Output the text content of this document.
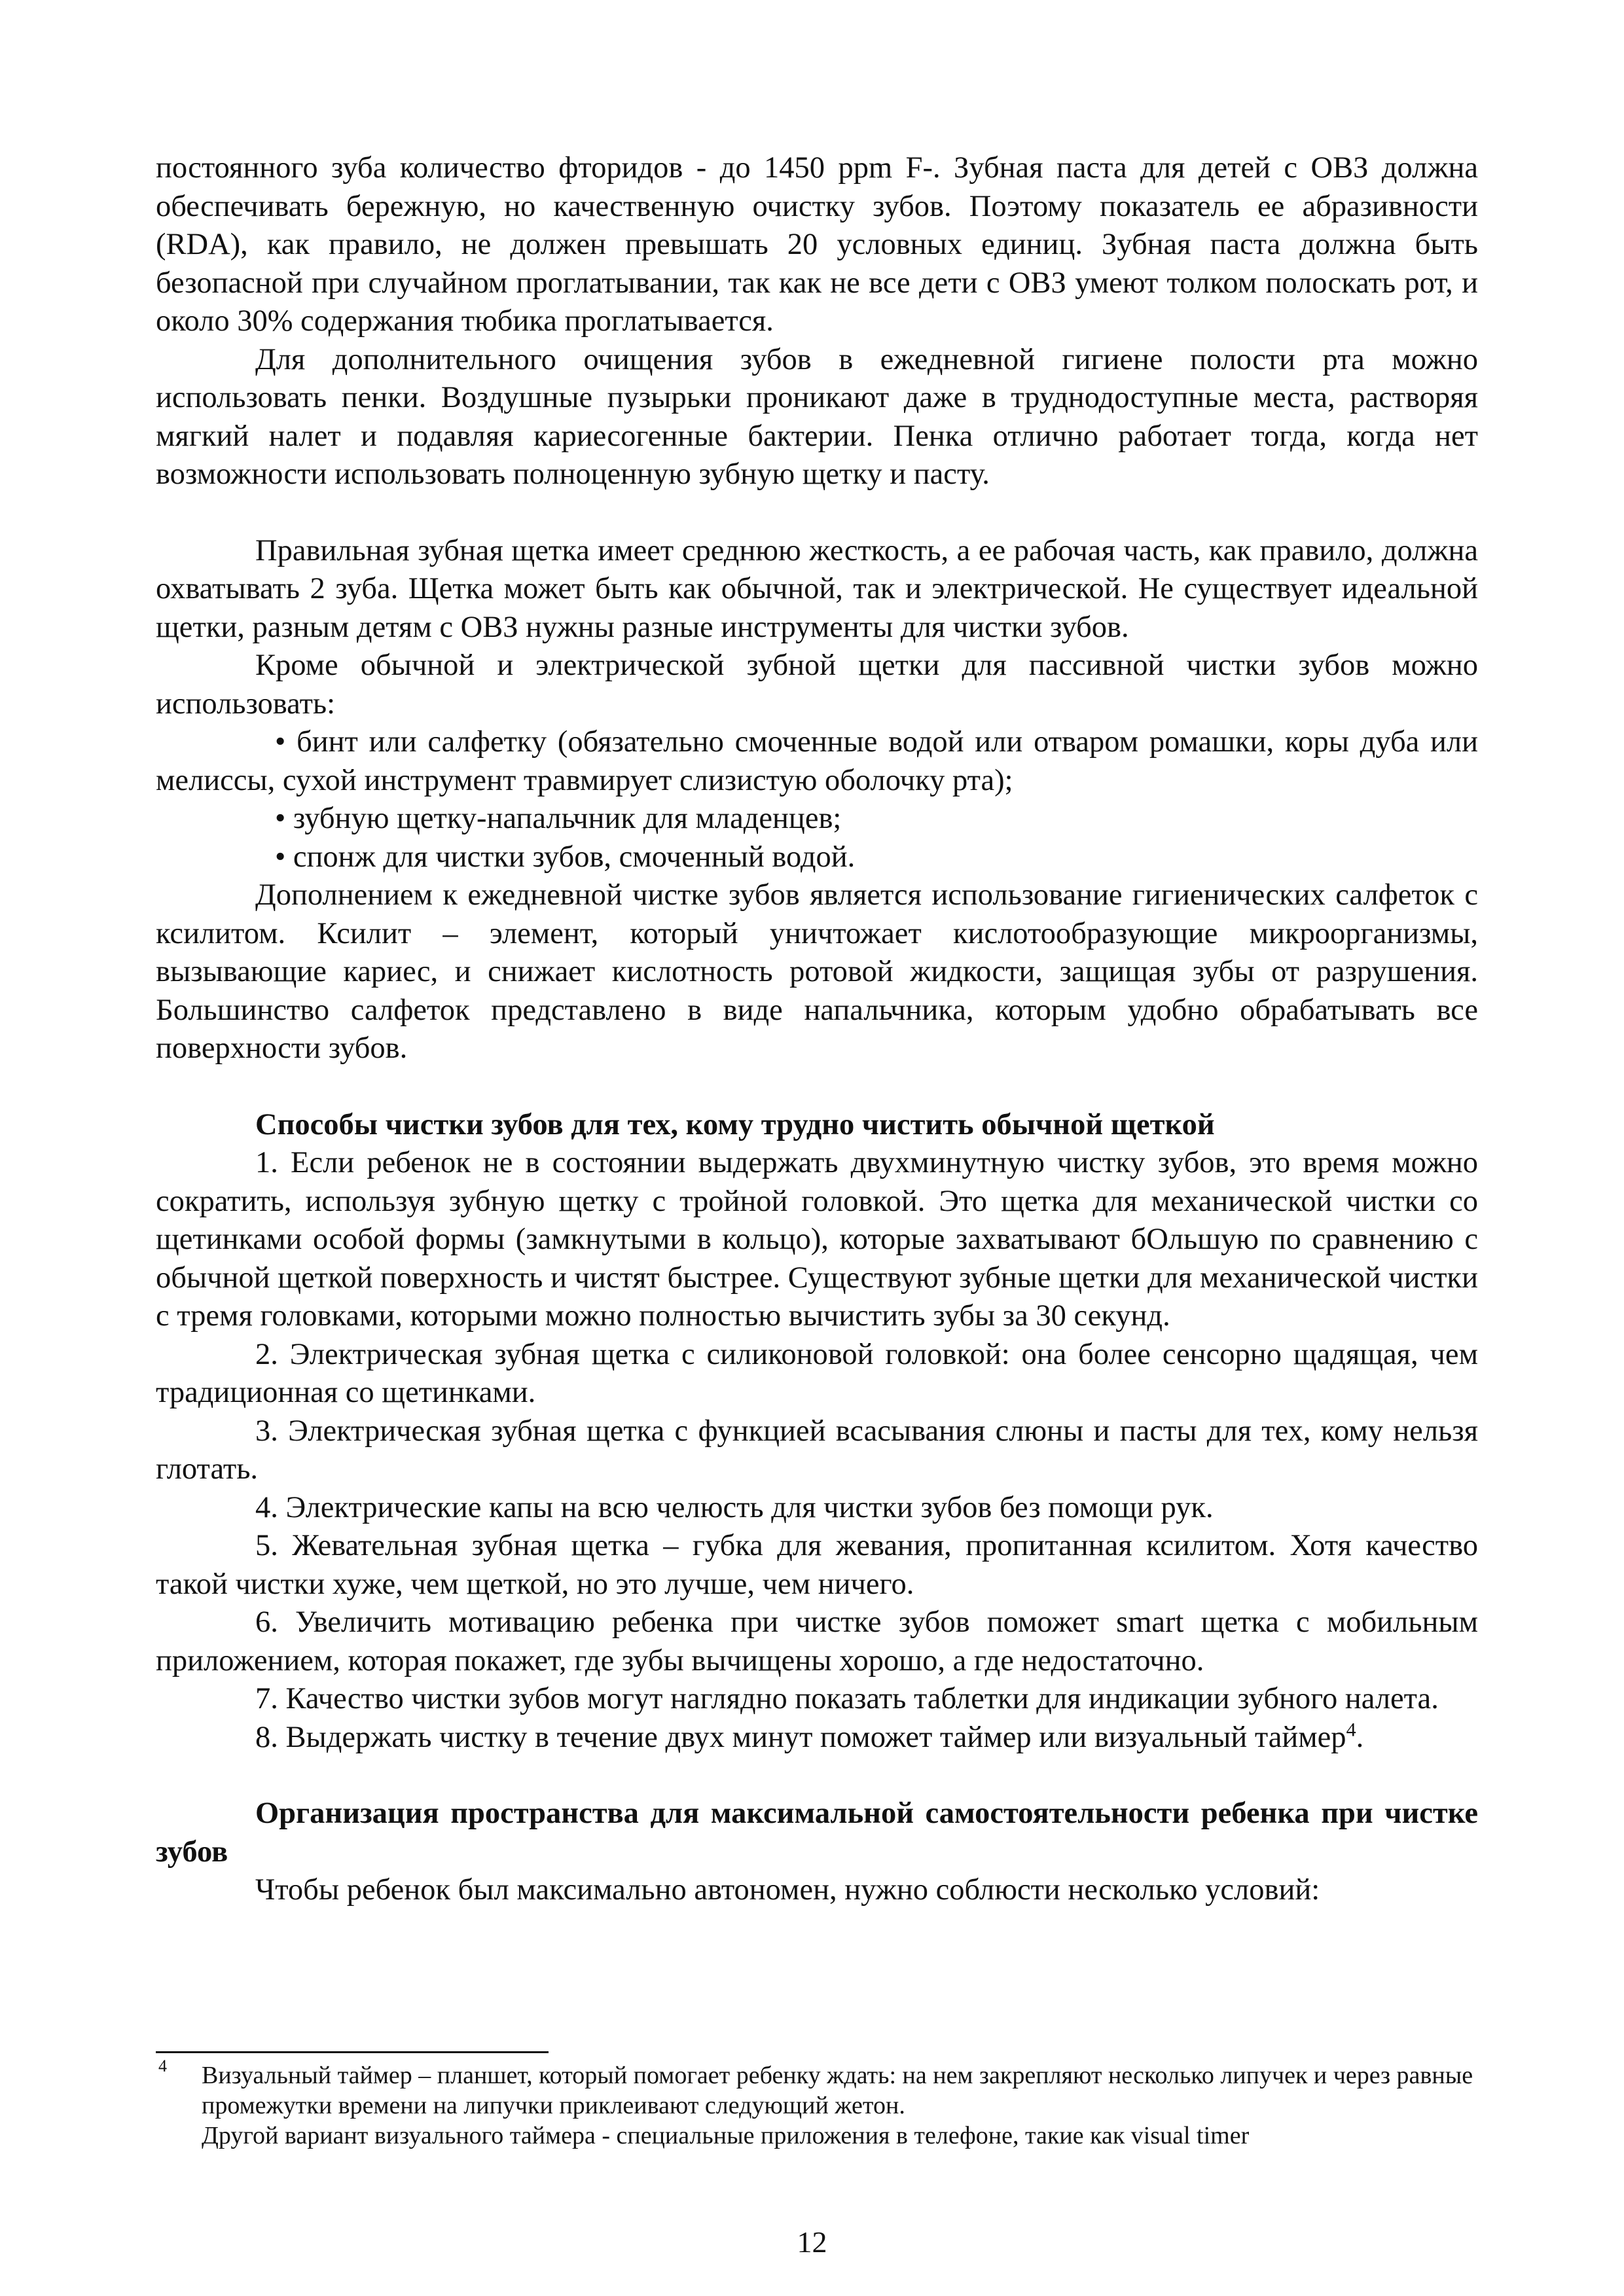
постоянного зуба количество фторидов - до 1450 ppm F-. Зубная паста для детей с ОВЗ должна обеспечивать бережную, но качественную очистку зубов. Поэтому показатель ее абразивности (RDA), как правило, не должен превышать 20 условных единиц. Зубная паста должна быть безопасной при случайном проглатывании, так как не все дети с ОВЗ умеют толком полоскать рот, и около 30% содержания тюбика проглатывается.

Для дополнительного очищения зубов в ежедневной гигиене полости рта можно использовать пенки. Воздушные пузырьки проникают даже в труднодоступные места, растворяя мягкий налет и подавляя кариесогенные бактерии. Пенка отлично работает тогда, когда нет возможности использовать полноценную зубную щетку и пасту.

Правильная зубная щетка имеет среднюю жесткость, а ее рабочая часть, как правило, должна охватывать 2 зуба. Щетка может быть как обычной, так и электрической. Не существует идеальной щетки, разным детям с ОВЗ нужны разные инструменты для чистки зубов.

Кроме обычной и электрической зубной щетки для пассивной чистки зубов можно использовать:

• бинт или салфетку (обязательно смоченные водой или отваром ромашки, коры дуба или мелиссы, сухой инструмент травмирует слизистую оболочку рта);

• зубную щетку-напальчник для младенцев;

• спонж для чистки зубов, смоченный водой.

Дополнением к ежедневной чистке зубов является использование гигиенических салфеток с ксилитом. Ксилит – элемент, который уничтожает кислотообразующие микроорганизмы, вызывающие кариес, и снижает кислотность ротовой жидкости, защищая зубы от разрушения. Большинство салфеток представлено в виде напальчника, которым удобно обрабатывать все поверхности зубов.

Способы чистки зубов для тех, кому трудно чистить обычной щеткой

1. Если ребенок не в состоянии выдержать двухминутную чистку зубов, это время можно сократить, используя зубную щетку с тройной головкой. Это щетка для механической чистки со щетинками особой формы (замкнутыми в кольцо), которые захватывают бОльшую по сравнению с обычной щеткой поверхность и чистят быстрее. Существуют зубные щетки для механической чистки с тремя головками, которыми можно полностью вычистить зубы за 30 секунд.

2. Электрическая зубная щетка с силиконовой головкой: она более сенсорно щадящая, чем традиционная со щетинками.

3. Электрическая зубная щетка с функцией всасывания слюны и пасты для тех, кому нельзя глотать.

4. Электрические капы на всю челюсть для чистки зубов без помощи рук.

5. Жевательная зубная щетка – губка для жевания, пропитанная ксилитом. Хотя качество такой чистки хуже, чем щеткой, но это лучше, чем ничего.

6. Увеличить мотивацию ребенка при чистке зубов поможет smart щетка с мобильным приложением, которая покажет, где зубы вычищены хорошо, а где недостаточно.

7. Качество чистки зубов могут наглядно показать таблетки для индикации зубного налета.

8. Выдержать чистку в течение двух минут поможет таймер или визуальный таймер$^4$.

Организация пространства для максимальной самостоятельности ребенка при чистке зубов

Чтобы ребенок был максимально автономен, нужно соблюсти несколько условий:

4 Визуальный таймер – планшет, который помогает ребенку ждать: на нем закрепляют несколько липучек и через равные промежутки времени на липучки приклеивают следующий жетон.

Другой вариант визуального таймера - специальные приложения в телефоне, такие как visual timer

12
